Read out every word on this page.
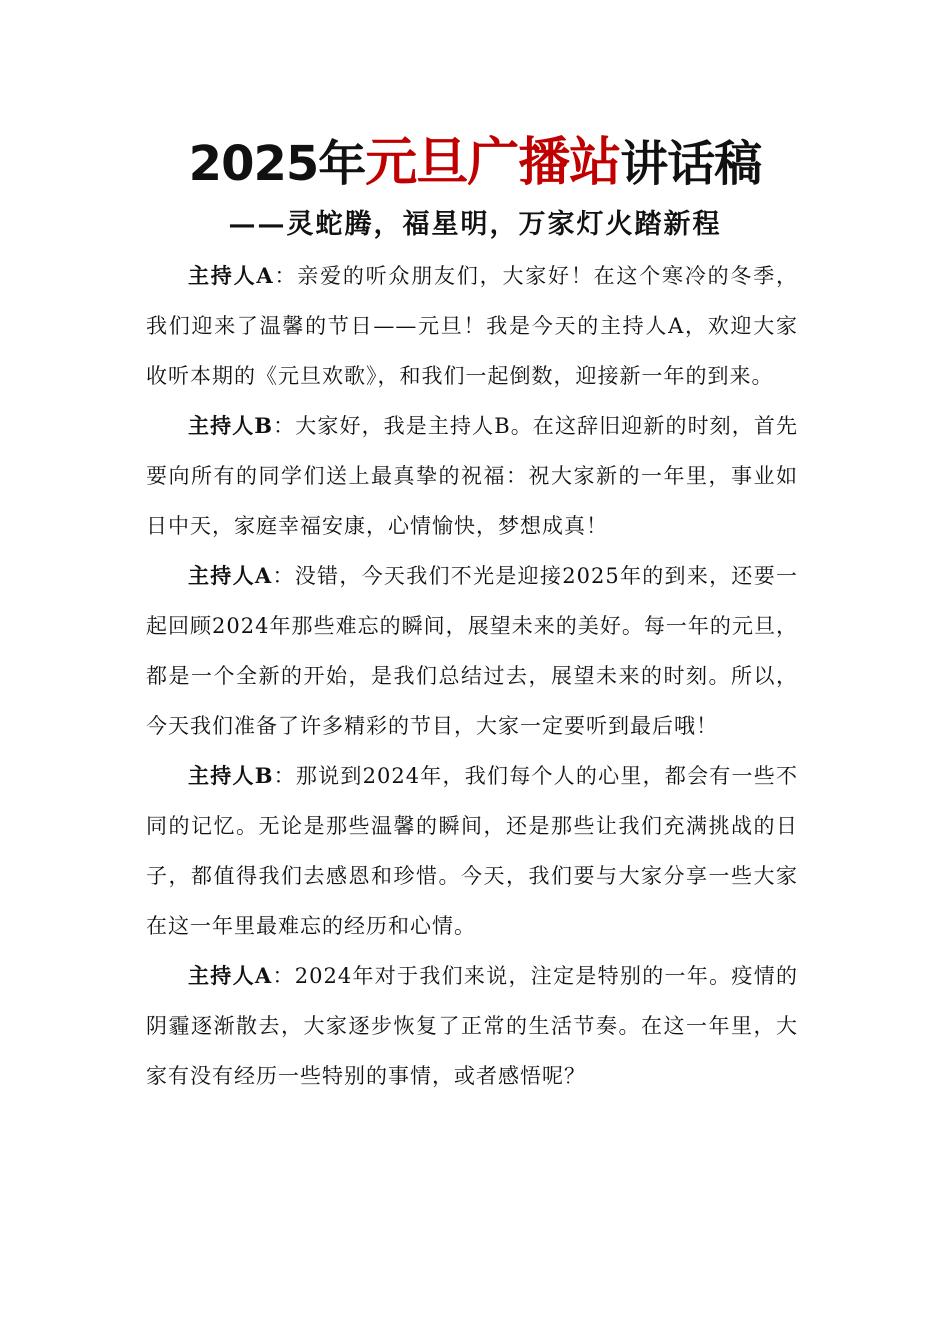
2025年元旦广播站讲话稿
——灵蛇腾，福星明，万家灯火踏新程

主持人A：亲爱的听众朋友们，大家好！在这个寒冷的冬季，我们迎来了温馨的节日——元旦！我是今天的主持人A，欢迎大家收听本期的《元旦欢歌》，和我们一起倒数，迎接新一年的到来。

主持人B：大家好，我是主持人B。在这辞旧迎新的时刻，首先要向所有的同学们送上最真挚的祝福：祝大家新的一年里，事业如日中天，家庭幸福安康，心情愉快，梦想成真！

主持人A：没错，今天我们不光是迎接2025年的到来，还要一起回顾2024年那些难忘的瞬间，展望未来的美好。每一年的元旦，都是一个全新的开始，是我们总结过去，展望未来的时刻。所以，今天我们准备了许多精彩的节目，大家一定要听到最后哦！

主持人B：那说到2024年，我们每个人的心里，都会有一些不同的记忆。无论是那些温馨的瞬间，还是那些让我们充满挑战的日子，都值得我们去感恩和珍惜。今天，我们要与大家分享一些大家在这一年里最难忘的经历和心情。

主持人A：2024年对于我们来说，注定是特别的一年。疫情的阴霾逐渐散去，大家逐步恢复了正常的生活节奏。在这一年里，大家有没有经历一些特别的事情，或者感悟呢？
